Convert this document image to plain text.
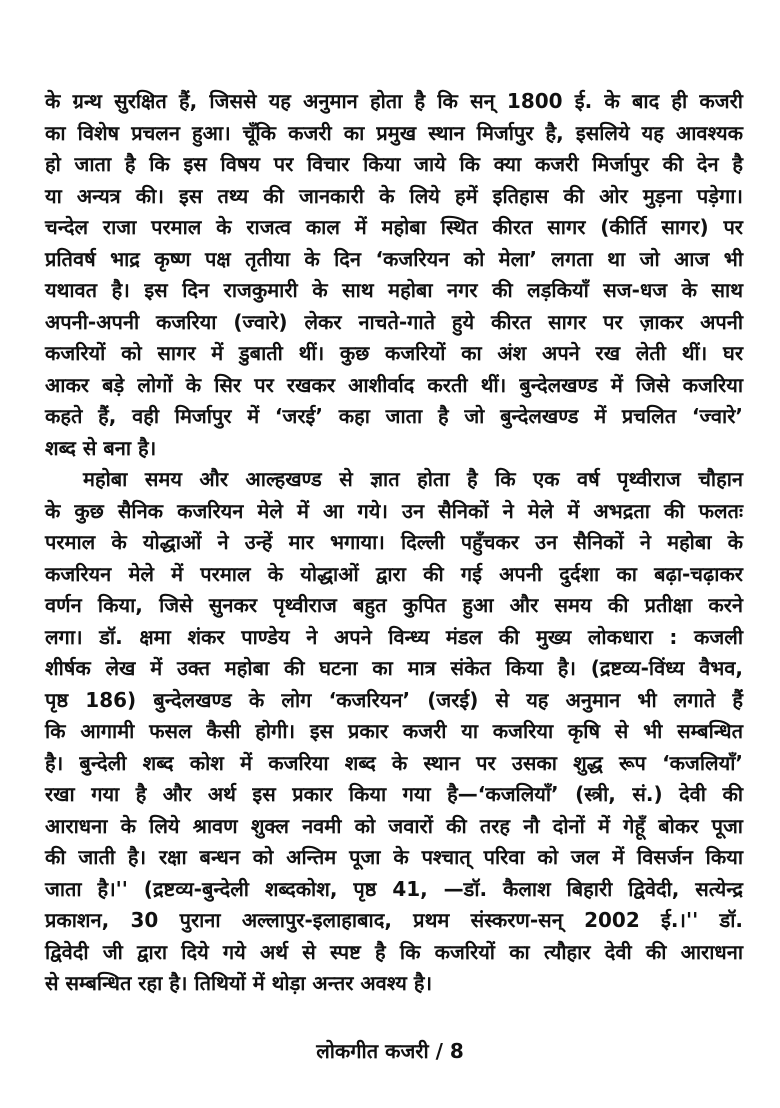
के ग्रन्थ सुरक्षित हैं, जिससे यह अनुमान होता है कि सन् 1800 ई. के बाद ही कजरी
का विशेष प्रचलन हुआ। चूँकि कजरी का प्रमुख स्थान मिर्जापुर है, इसलिये यह आवश्यक
हो जाता है कि इस विषय पर विचार किया जाये कि क्या कजरी मिर्जापुर की देन है
या अन्यत्र की। इस तथ्य की जानकारी के लिये हमें इतिहास की ओर मुड़ना पड़ेगा।
चन्देल राजा परमाल के राजत्व काल में महोबा स्थित कीरत सागर (कीर्ति सागर) पर
प्रतिवर्ष भाद्र कृष्ण पक्ष तृतीया के दिन ‘कजरियन को मेला’ लगता था जो आज भी
यथावत है। इस दिन राजकुमारी के साथ महोबा नगर की लड़कियाँ सज-धज के साथ
अपनी-अपनी कजरिया (ज्वारे) लेकर नाचते-गाते हुये कीरत सागर पर ज़ाकर अपनी
कजरियों को सागर में डुबाती थीं। कुछ कजरियों का अंश अपने रख लेती थीं। घर
आकर बड़े लोगों के सिर पर रखकर आशीर्वाद करती थीं। बुन्देलखण्ड में जिसे कजरिया
कहते हैं, वही मिर्जापुर में ‘जरई’ कहा जाता है जो बुन्देलखण्ड में प्रचलित ‘ज्वारे’
शब्द से बना है।
महोबा समय और आल्हखण्ड से ज्ञात होता है कि एक वर्ष पृथ्वीराज चौहान
के कुछ सैनिक कजरियन मेले में आ गये। उन सैनिकों ने मेले में अभद्रता की फलतः
परमाल के योद्धाओं ने उन्हें मार भगाया। दिल्ली पहुँचकर उन सैनिकों ने महोबा के
कजरियन मेले में परमाल के योद्धाओं द्वारा की गई अपनी दुर्दशा का बढ़ा-चढ़ाकर
वर्णन किया, जिसे सुनकर पृथ्वीराज बहुत कुपित हुआ और समय की प्रतीक्षा करने
लगा। डॉ. क्षमा शंकर पाण्डेय ने अपने विन्ध्य मंडल की मुख्य लोकधारा : कजली
शीर्षक लेख में उक्त महोबा की घटना का मात्र संकेत किया है। (द्रष्टव्य-विंध्य वैभव,
पृष्ठ 186) बुन्देलखण्ड के लोग ‘कजरियन’ (जरई) से यह अनुमान भी लगाते हैं
कि आगामी फसल कैसी होगी। इस प्रकार कजरी या कजरिया कृषि से भी सम्बन्धित
है। बुन्देली शब्द कोश में कजरिया शब्द के स्थान पर उसका शुद्ध रूप ‘कजलियाँ’
रखा गया है और अर्थ इस प्रकार किया गया है—‘कजलियाँ’ (स्त्री, सं.) देवी की
आराधना के लिये श्रावण शुक्ल नवमी को जवारों की तरह नौ दोनों में गेहूँ बोकर पूजा
की जाती है। रक्षा बन्धन को अन्तिम पूजा के पश्चात् परिवा को जल में विसर्जन किया
जाता है।'' (द्रष्टव्य-बुन्देली शब्दकोश, पृष्ठ 41, —डॉ. कैलाश बिहारी द्विवेदी, सत्येन्द्र
प्रकाशन, 30 पुराना अल्लापुर-इलाहाबाद, प्रथम संस्करण-सन् 2002 ई.।'' डॉ.
द्विवेदी जी द्वारा दिये गये अर्थ से स्पष्ट है कि कजरियों का त्यौहार देवी की आराधना
से सम्बन्धित रहा है। तिथियों में थोड़ा अन्तर अवश्य है।
लोकगीत कजरी / 8
